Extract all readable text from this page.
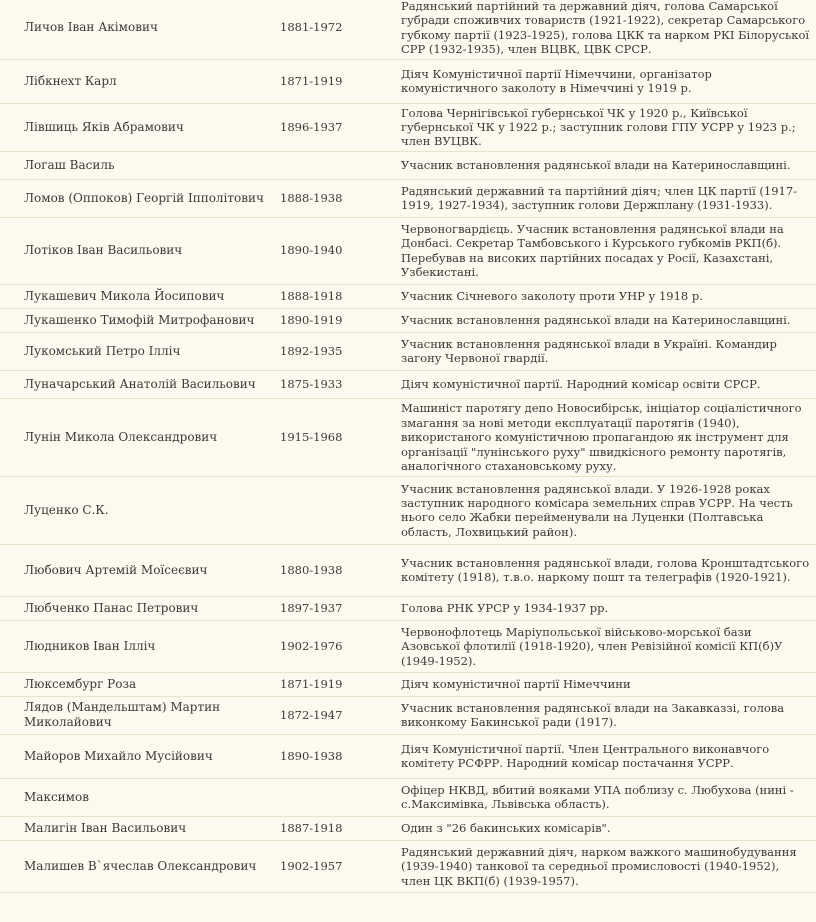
Личов Іван Акімович	1881-1972	Радянський партійний та державний діяч, голова Самарської губради споживчих товариств (1921-1922), секретар Самарського губкому партії (1923-1925), голова ЦКК та нарком РКІ Білоруської СРР (1932-1935), член ВЦВК, ЦВК СРСР.
Лібкнехт Карл	1871-1919	Діяч Комуністичної партії Німеччини, організатор комуністичного заколоту в Німеччині у 1919 р.
Лівшиць Яків Абрамович	1896-1937	Голова Чернігівської губернської ЧК у 1920 р., Київської губернської ЧК у 1922 р.; заступник голови ГПУ УСРР у 1923 р.; член ВУЦВК.
Логаш Василь		Учасник встановлення радянської влади на Катеринославщині.
Ломов (Оппоков) Георгій Іпполітович	1888-1938	Радянський державний та партійний діяч; член ЦК партії (1917-1919, 1927-1934), заступник голови Держплану (1931-1933).
Лотіков Іван Васильович	1890-1940	Червоногвардієць. Учасник встановлення радянської влади на Донбасі. Секретар Тамбовського і Курського губкомів РКП(б). Перебував на високих партійних посадах у Росії, Казахстані, Узбекистані.
Лукашевич Микола Йосипович	1888-1918	Учасник Січневого заколоту проти УНР у 1918 р.
Лукашенко Тимофій Митрофанович	1890-1919	Учасник встановлення радянської влади на Катеринославщині.
Лукомський Петро Ілліч	1892-1935	Учасник встановлення радянської влади в Україні. Командир загону Червоної гвардії.
Луначарський Анатолій Васильович	1875-1933	Діяч комуністичної партії. Народний комісар освіти СРСР.
Лунін Микола Олександрович	1915-1968	Машиніст паротягу депо Новосибірськ, ініціатор соціалістичного змагання за нові методи експлуатації паротягів (1940), використаного комуністичною пропагандою як інструмент для організації "лунінського руху" швидкісного ремонту паротягів, аналогічного стахановському руху.
Луценко С.К.		Учасник встановлення радянської влади. У 1926-1928 роках заступник народного комісара земельних справ УСРР. На честь нього село Жабки перейменували на Луценки (Полтавська область, Лохвицький район).
Любович Артемій Моїсеєвич	1880-1938	Учасник встановлення радянської влади, голова Кронштадтського комітету (1918), т.в.о. наркому пошт та телеграфів (1920-1921).
Любченко Панас Петрович	1897-1937	Голова РНК УРСР у 1934-1937 рр.
Людников Іван Ілліч	1902-1976	Червонофлотець Маріупольської військово-морської бази Азовської флотилії (1918-1920), член Ревізійної комісії КП(б)У (1949-1952).
Люксембург Роза	1871-1919	Діяч комуністичної партії Німеччини
Лядов (Мандельштам) Мартин Миколайович	1872-1947	Учасник встановлення радянської влади на Закавказзі, голова виконкому Бакинської ради (1917).
Майоров Михайло Мусійович	1890-1938	Діяч Комуністичної партії. Член Центрального виконавчого комітету РСФРР. Народний комісар постачання УСРР.
Максимов		Офіцер НКВД, вбитий вояками УПА поблизу с. Любухова (нині - с.Максимівка, Львівська область).
Малигін Іван Васильович	1887-1918	Один з "26 бакинських комісарів".
Малишев В`ячеслав Олександрович	1902-1957	Радянський державний діяч, нарком важкого машинобудування (1939-1940) танкової та середньої промисловості (1940-1952), член ЦК ВКП(б) (1939-1957).
